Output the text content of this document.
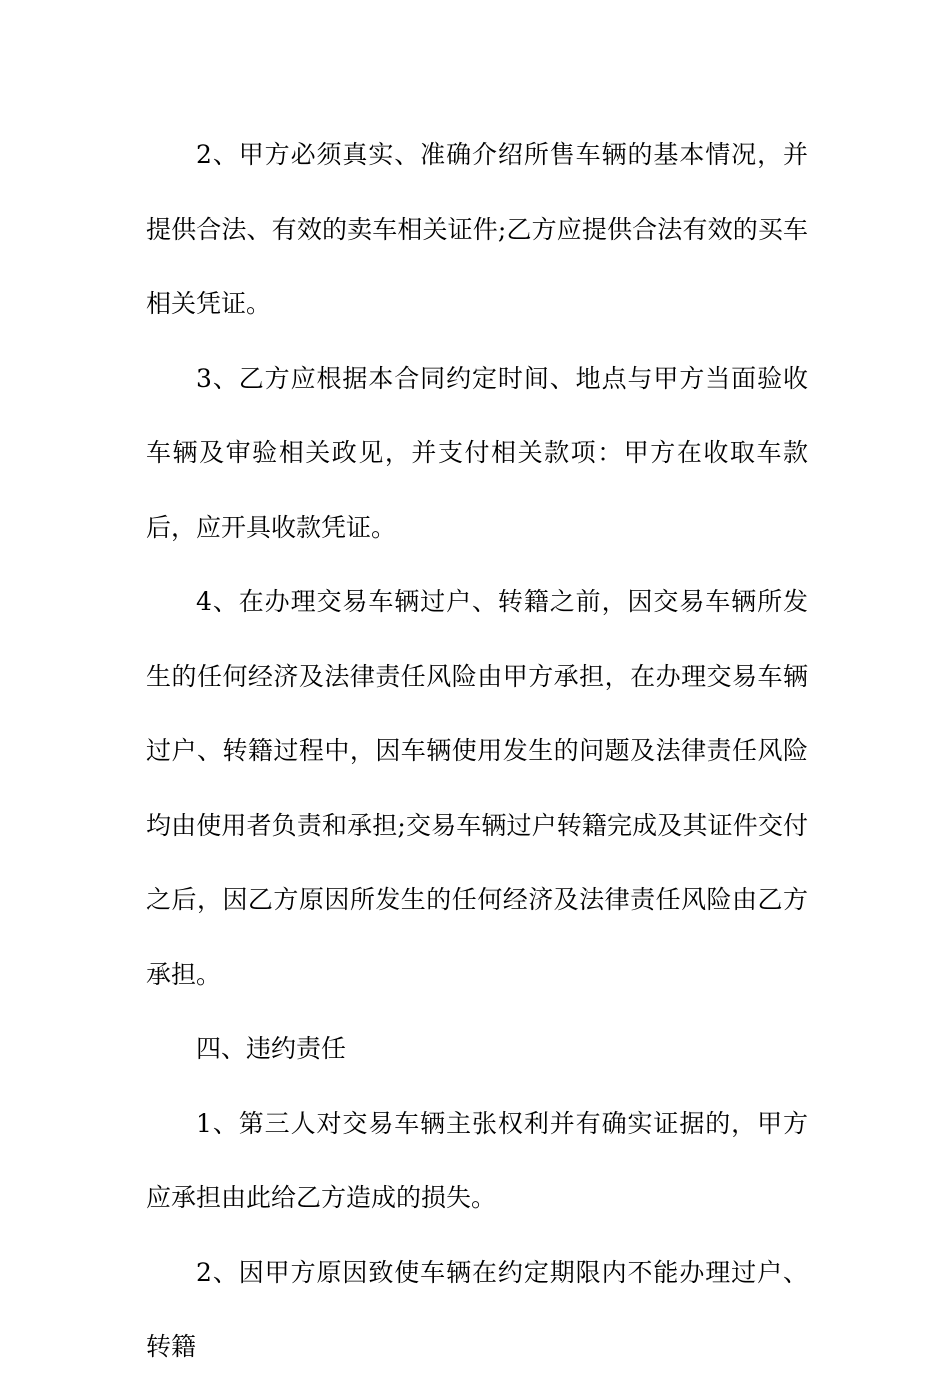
2、甲方必须真实、准确介绍所售车辆的基本情况，并提供合法、有效的卖车相关证件;乙方应提供合法有效的买车相关凭证。

3、乙方应根据本合同约定时间、地点与甲方当面验收车辆及审验相关政见，并支付相关款项：甲方在收取车款后，应开具收款凭证。

4、在办理交易车辆过户、转籍之前，因交易车辆所发生的任何经济及法律责任风险由甲方承担，在办理交易车辆过户、转籍过程中，因车辆使用发生的问题及法律责任风险均由使用者负责和承担;交易车辆过户转籍完成及其证件交付之后，因乙方原因所发生的任何经济及法律责任风险由乙方承担。

四、违约责任

1、第三人对交易车辆主张权利并有确实证据的，甲方应承担由此给乙方造成的损失。

2、因甲方原因致使车辆在约定期限内不能办理过户、转籍
